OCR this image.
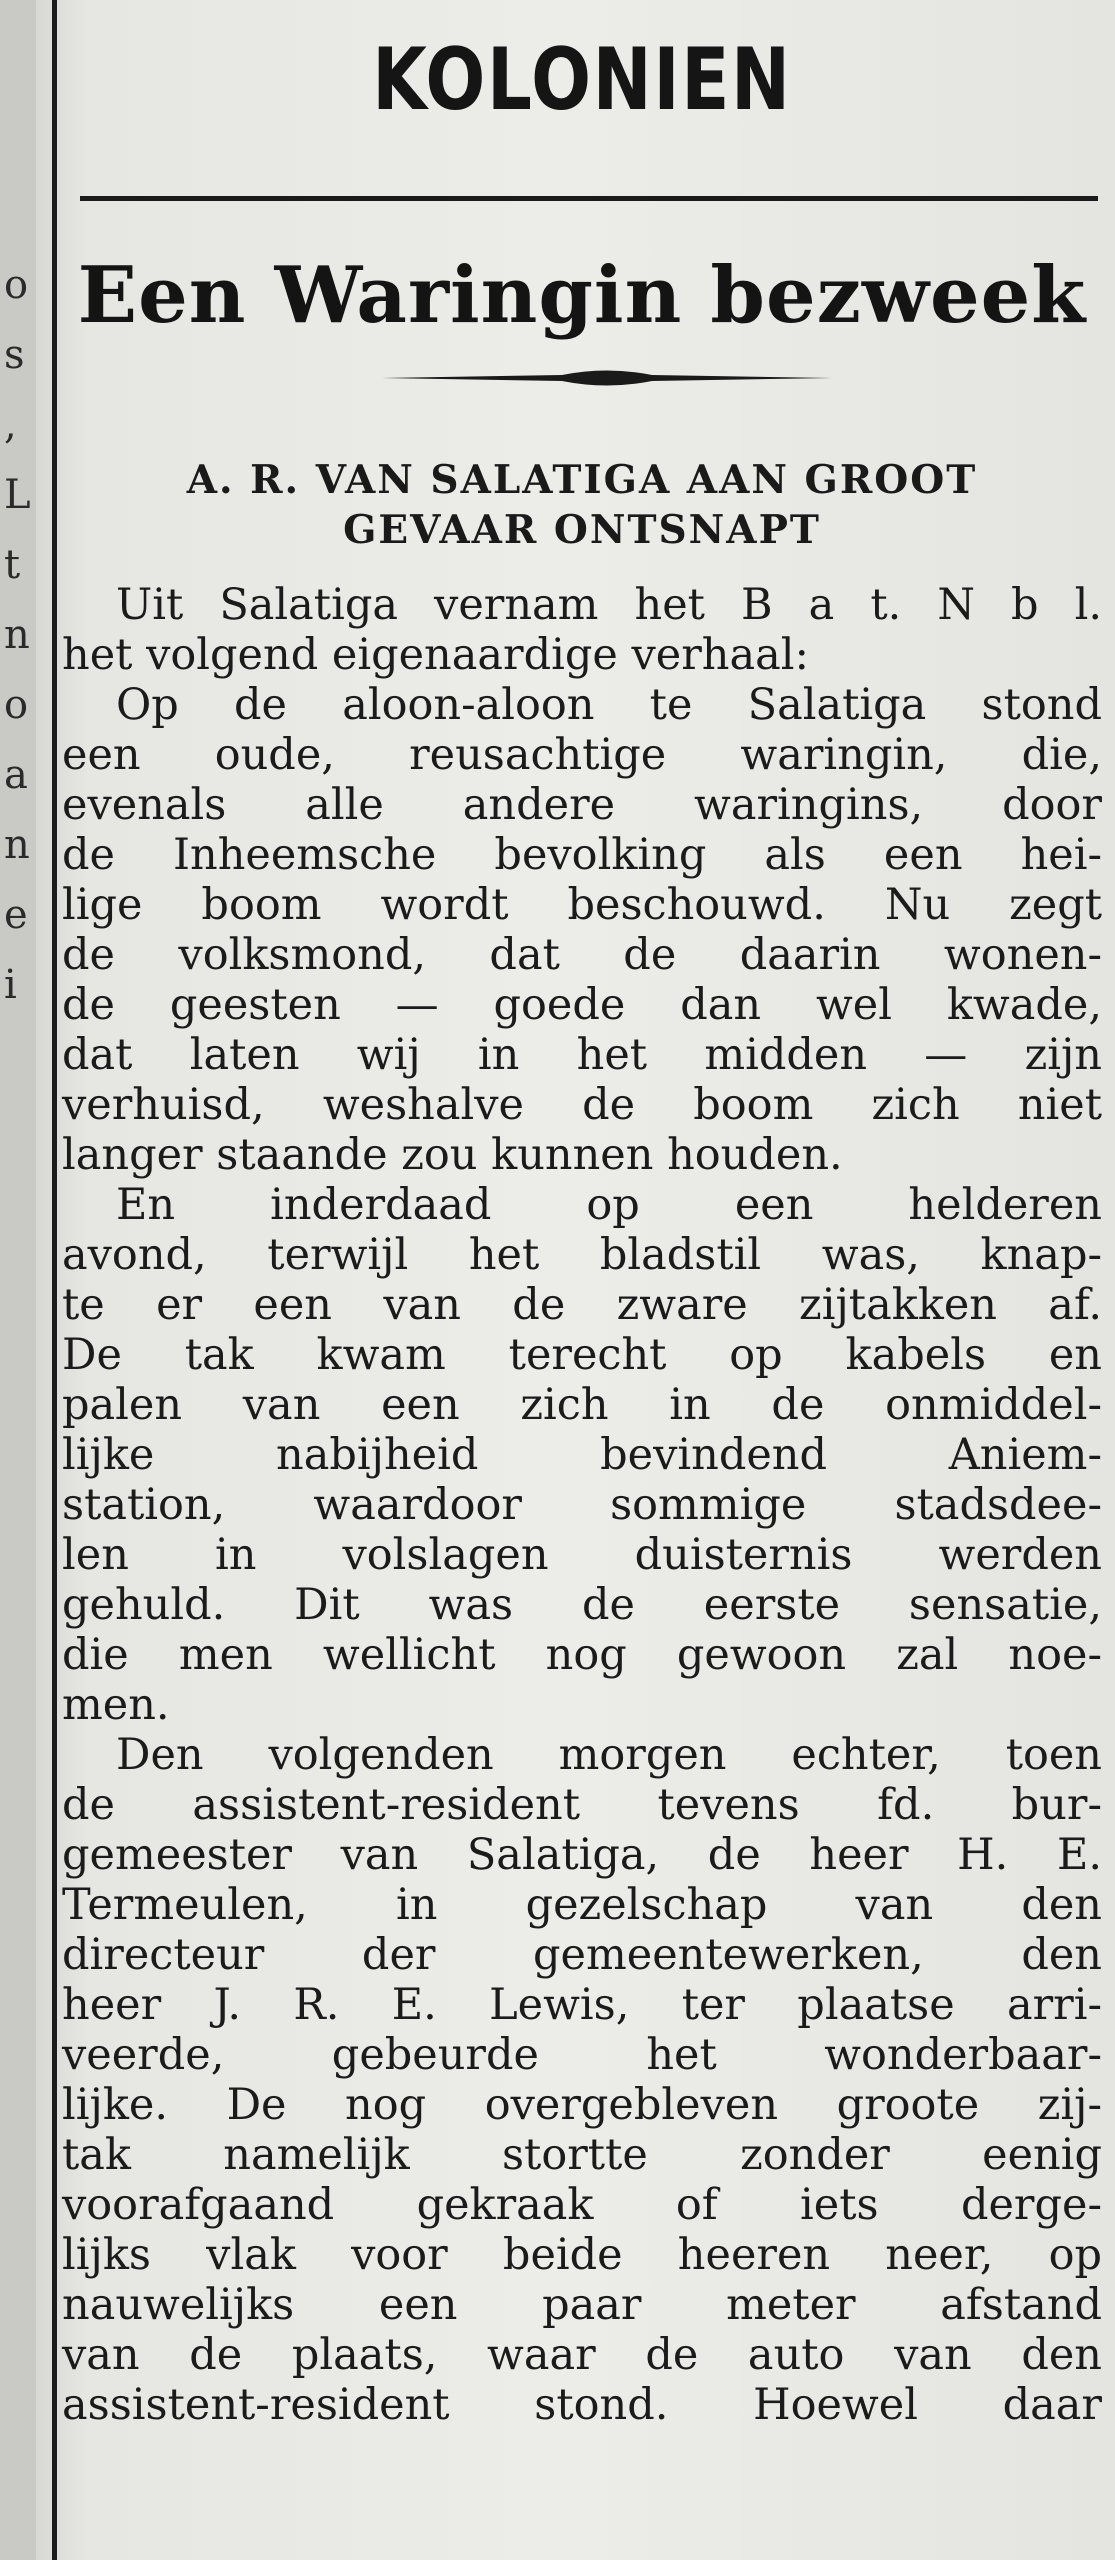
o
s
,
L
t
n
o
a
n
e
i
KOLONIEN
Een Waringin bezweek
A. R. VAN SALATIGA AAN GROOT
GEVAAR ONTSNAPT
Uit Salatiga vernam het B a t. N b l.
het volgend eigenaardige verhaal:
Op de aloon-aloon te Salatiga stond
een oude, reusachtige waringin, die,
evenals alle andere waringins, door
de Inheemsche bevolking als een hei-
lige boom wordt beschouwd. Nu zegt
de volksmond, dat de daarin wonen-
de geesten — goede dan wel kwade,
dat laten wij in het midden — zijn
verhuisd, weshalve de boom zich niet
langer staande zou kunnen houden.
En inderdaad op een helderen
avond, terwijl het bladstil was, knap-
te er een van de zware zijtakken af.
De tak kwam terecht op kabels en
palen van een zich in de onmiddel-
lijke nabijheid bevindend Aniem-
station, waardoor sommige stadsdee-
len in volslagen duisternis werden
gehuld. Dit was de eerste sensatie,
die men wellicht nog gewoon zal noe-
men.
Den volgenden morgen echter, toen
de assistent-resident tevens fd. bur-
gemeester van Salatiga, de heer H. E.
Termeulen, in gezelschap van den
directeur der gemeentewerken, den
heer J. R. E. Lewis, ter plaatse arri-
veerde, gebeurde het wonderbaar-
lijke. De nog overgebleven groote zij-
tak namelijk stortte zonder eenig
voorafgaand gekraak of iets derge-
lijks vlak voor beide heeren neer, op
nauwelijks een paar meter afstand
van de plaats, waar de auto van den
assistent-resident stond. Hoewel daar
